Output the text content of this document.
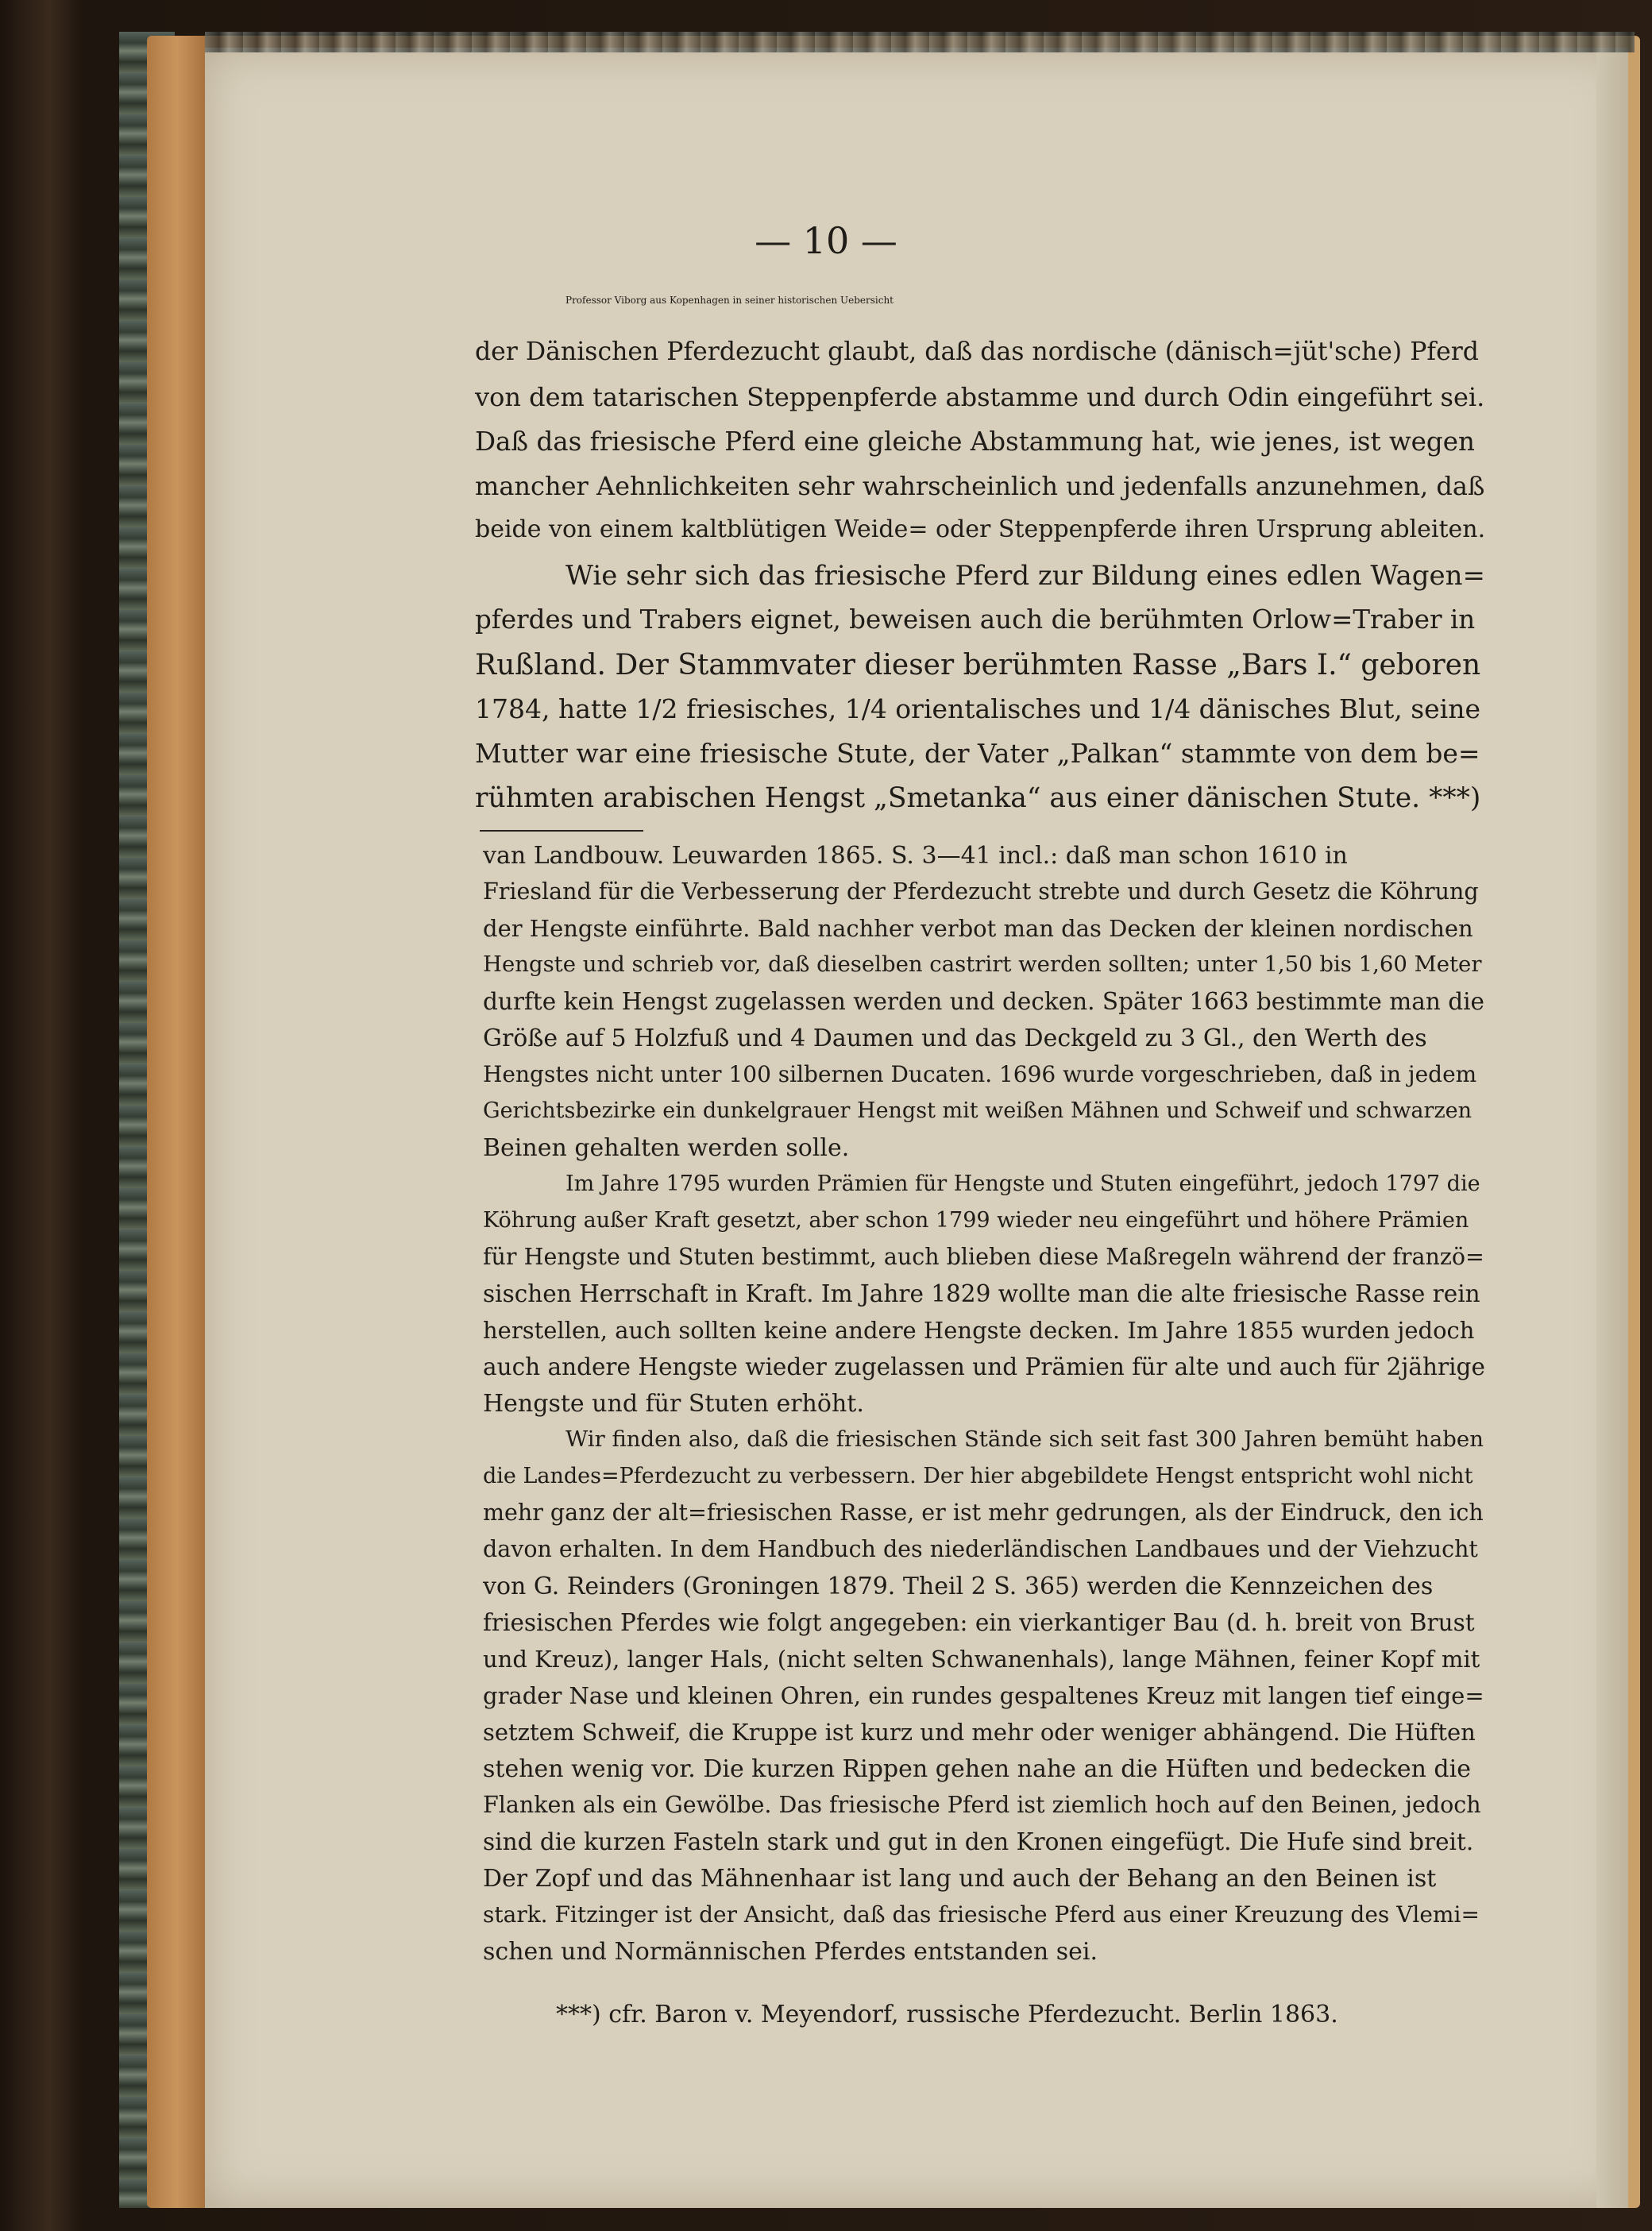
— 10 —
Professor Viborg aus Kopenhagen in seiner historischen Uebersicht
der Dänischen Pferdezucht glaubt, daß das nordische (dänisch=jüt'sche) Pferd
von dem tatarischen Steppenpferde abstamme und durch Odin eingeführt sei.
Daß das friesische Pferd eine gleiche Abstammung hat, wie jenes, ist wegen
mancher Aehnlichkeiten sehr wahrscheinlich und jedenfalls anzunehmen, daß
beide von einem kaltblütigen Weide= oder Steppenpferde ihren Ursprung ableiten.
Wie sehr sich das friesische Pferd zur Bildung eines edlen Wagen=
pferdes und Trabers eignet, beweisen auch die berühmten Orlow=Traber in
Rußland. Der Stammvater dieser berühmten Rasse „Bars I.“ geboren
1784, hatte 1/2 friesisches, 1/4 orientalisches und 1/4 dänisches Blut, seine
Mutter war eine friesische Stute, der Vater „Palkan“ stammte von dem be=
rühmten arabischen Hengst „Smetanka“ aus einer dänischen Stute. ***)
van Landbouw. Leuwarden 1865. S. 3—41 incl.: daß man schon 1610 in
Friesland für die Verbesserung der Pferdezucht strebte und durch Gesetz die Köhrung
der Hengste einführte. Bald nachher verbot man das Decken der kleinen nordischen
Hengste und schrieb vor, daß dieselben castrirt werden sollten; unter 1,50 bis 1,60 Meter
durfte kein Hengst zugelassen werden und decken. Später 1663 bestimmte man die
Größe auf 5 Holzfuß und 4 Daumen und das Deckgeld zu 3 Gl., den Werth des
Hengstes nicht unter 100 silbernen Ducaten. 1696 wurde vorgeschrieben, daß in jedem
Gerichtsbezirke ein dunkelgrauer Hengst mit weißen Mähnen und Schweif und schwarzen
Beinen gehalten werden solle.
Im Jahre 1795 wurden Prämien für Hengste und Stuten eingeführt, jedoch 1797 die
Köhrung außer Kraft gesetzt, aber schon 1799 wieder neu eingeführt und höhere Prämien
für Hengste und Stuten bestimmt, auch blieben diese Maßregeln während der franzö=
sischen Herrschaft in Kraft. Im Jahre 1829 wollte man die alte friesische Rasse rein
herstellen, auch sollten keine andere Hengste decken. Im Jahre 1855 wurden jedoch
auch andere Hengste wieder zugelassen und Prämien für alte und auch für 2jährige
Hengste und für Stuten erhöht.
Wir finden also, daß die friesischen Stände sich seit fast 300 Jahren bemüht haben
die Landes=Pferdezucht zu verbessern. Der hier abgebildete Hengst entspricht wohl nicht
mehr ganz der alt=friesischen Rasse, er ist mehr gedrungen, als der Eindruck, den ich
davon erhalten. In dem Handbuch des niederländischen Landbaues und der Viehzucht
von G. Reinders (Groningen 1879. Theil 2 S. 365) werden die Kennzeichen des
friesischen Pferdes wie folgt angegeben: ein vierkantiger Bau (d. h. breit von Brust
und Kreuz), langer Hals, (nicht selten Schwanenhals), lange Mähnen, feiner Kopf mit
grader Nase und kleinen Ohren, ein rundes gespaltenes Kreuz mit langen tief einge=
setztem Schweif, die Kruppe ist kurz und mehr oder weniger abhängend. Die Hüften
stehen wenig vor. Die kurzen Rippen gehen nahe an die Hüften und bedecken die
Flanken als ein Gewölbe. Das friesische Pferd ist ziemlich hoch auf den Beinen, jedoch
sind die kurzen Fasteln stark und gut in den Kronen eingefügt. Die Hufe sind breit.
Der Zopf und das Mähnenhaar ist lang und auch der Behang an den Beinen ist
stark. Fitzinger ist der Ansicht, daß das friesische Pferd aus einer Kreuzung des Vlemi=
schen und Normännischen Pferdes entstanden sei.
***) cfr. Baron v. Meyendorf, russische Pferdezucht. Berlin 1863.
